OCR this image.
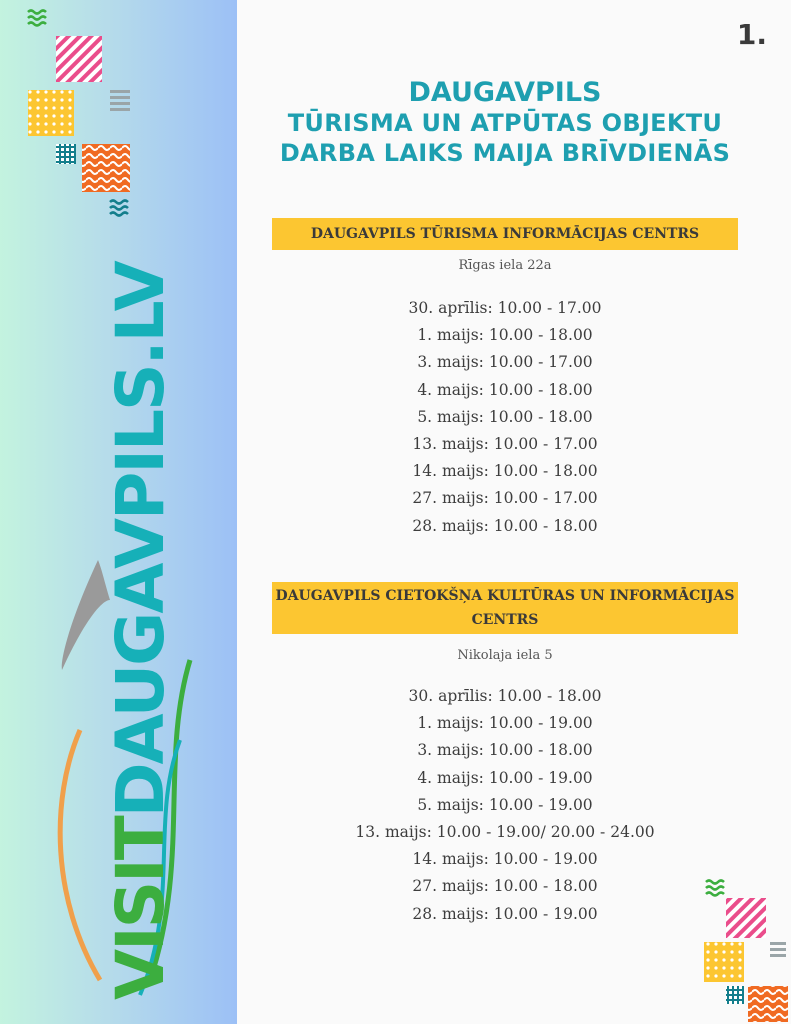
VISITDAUGAVPILS.LV
1.
DAUGAVPILS
TŪRISMA UN ATPŪTAS OBJEKTU
DARBA LAIKS MAIJA BRĪVDIENĀS
DAUGAVPILS TŪRISMA INFORMĀCIJAS CENTRS
Rīgas iela 22a
30. aprīlis: 10.00 - 17.00
1. maijs: 10.00 - 18.00
3. maijs: 10.00 - 17.00
4. maijs: 10.00 - 18.00
5. maijs: 10.00 - 18.00
13. maijs: 10.00 - 17.00
14. maijs: 10.00 - 18.00
27. maijs: 10.00 - 17.00
28. maijs: 10.00 - 18.00
DAUGAVPILS CIETOKŠŅA KULTŪRAS UN INFORMĀCIJAS
CENTRS
Nikolaja iela 5
30. aprīlis: 10.00 - 18.00
1. maijs: 10.00 - 19.00
3. maijs: 10.00 - 18.00
4. maijs: 10.00 - 19.00
5. maijs: 10.00 - 19.00
13. maijs: 10.00 - 19.00/ 20.00 - 24.00
14. maijs: 10.00 - 19.00
27. maijs: 10.00 - 18.00
28. maijs: 10.00 - 19.00
